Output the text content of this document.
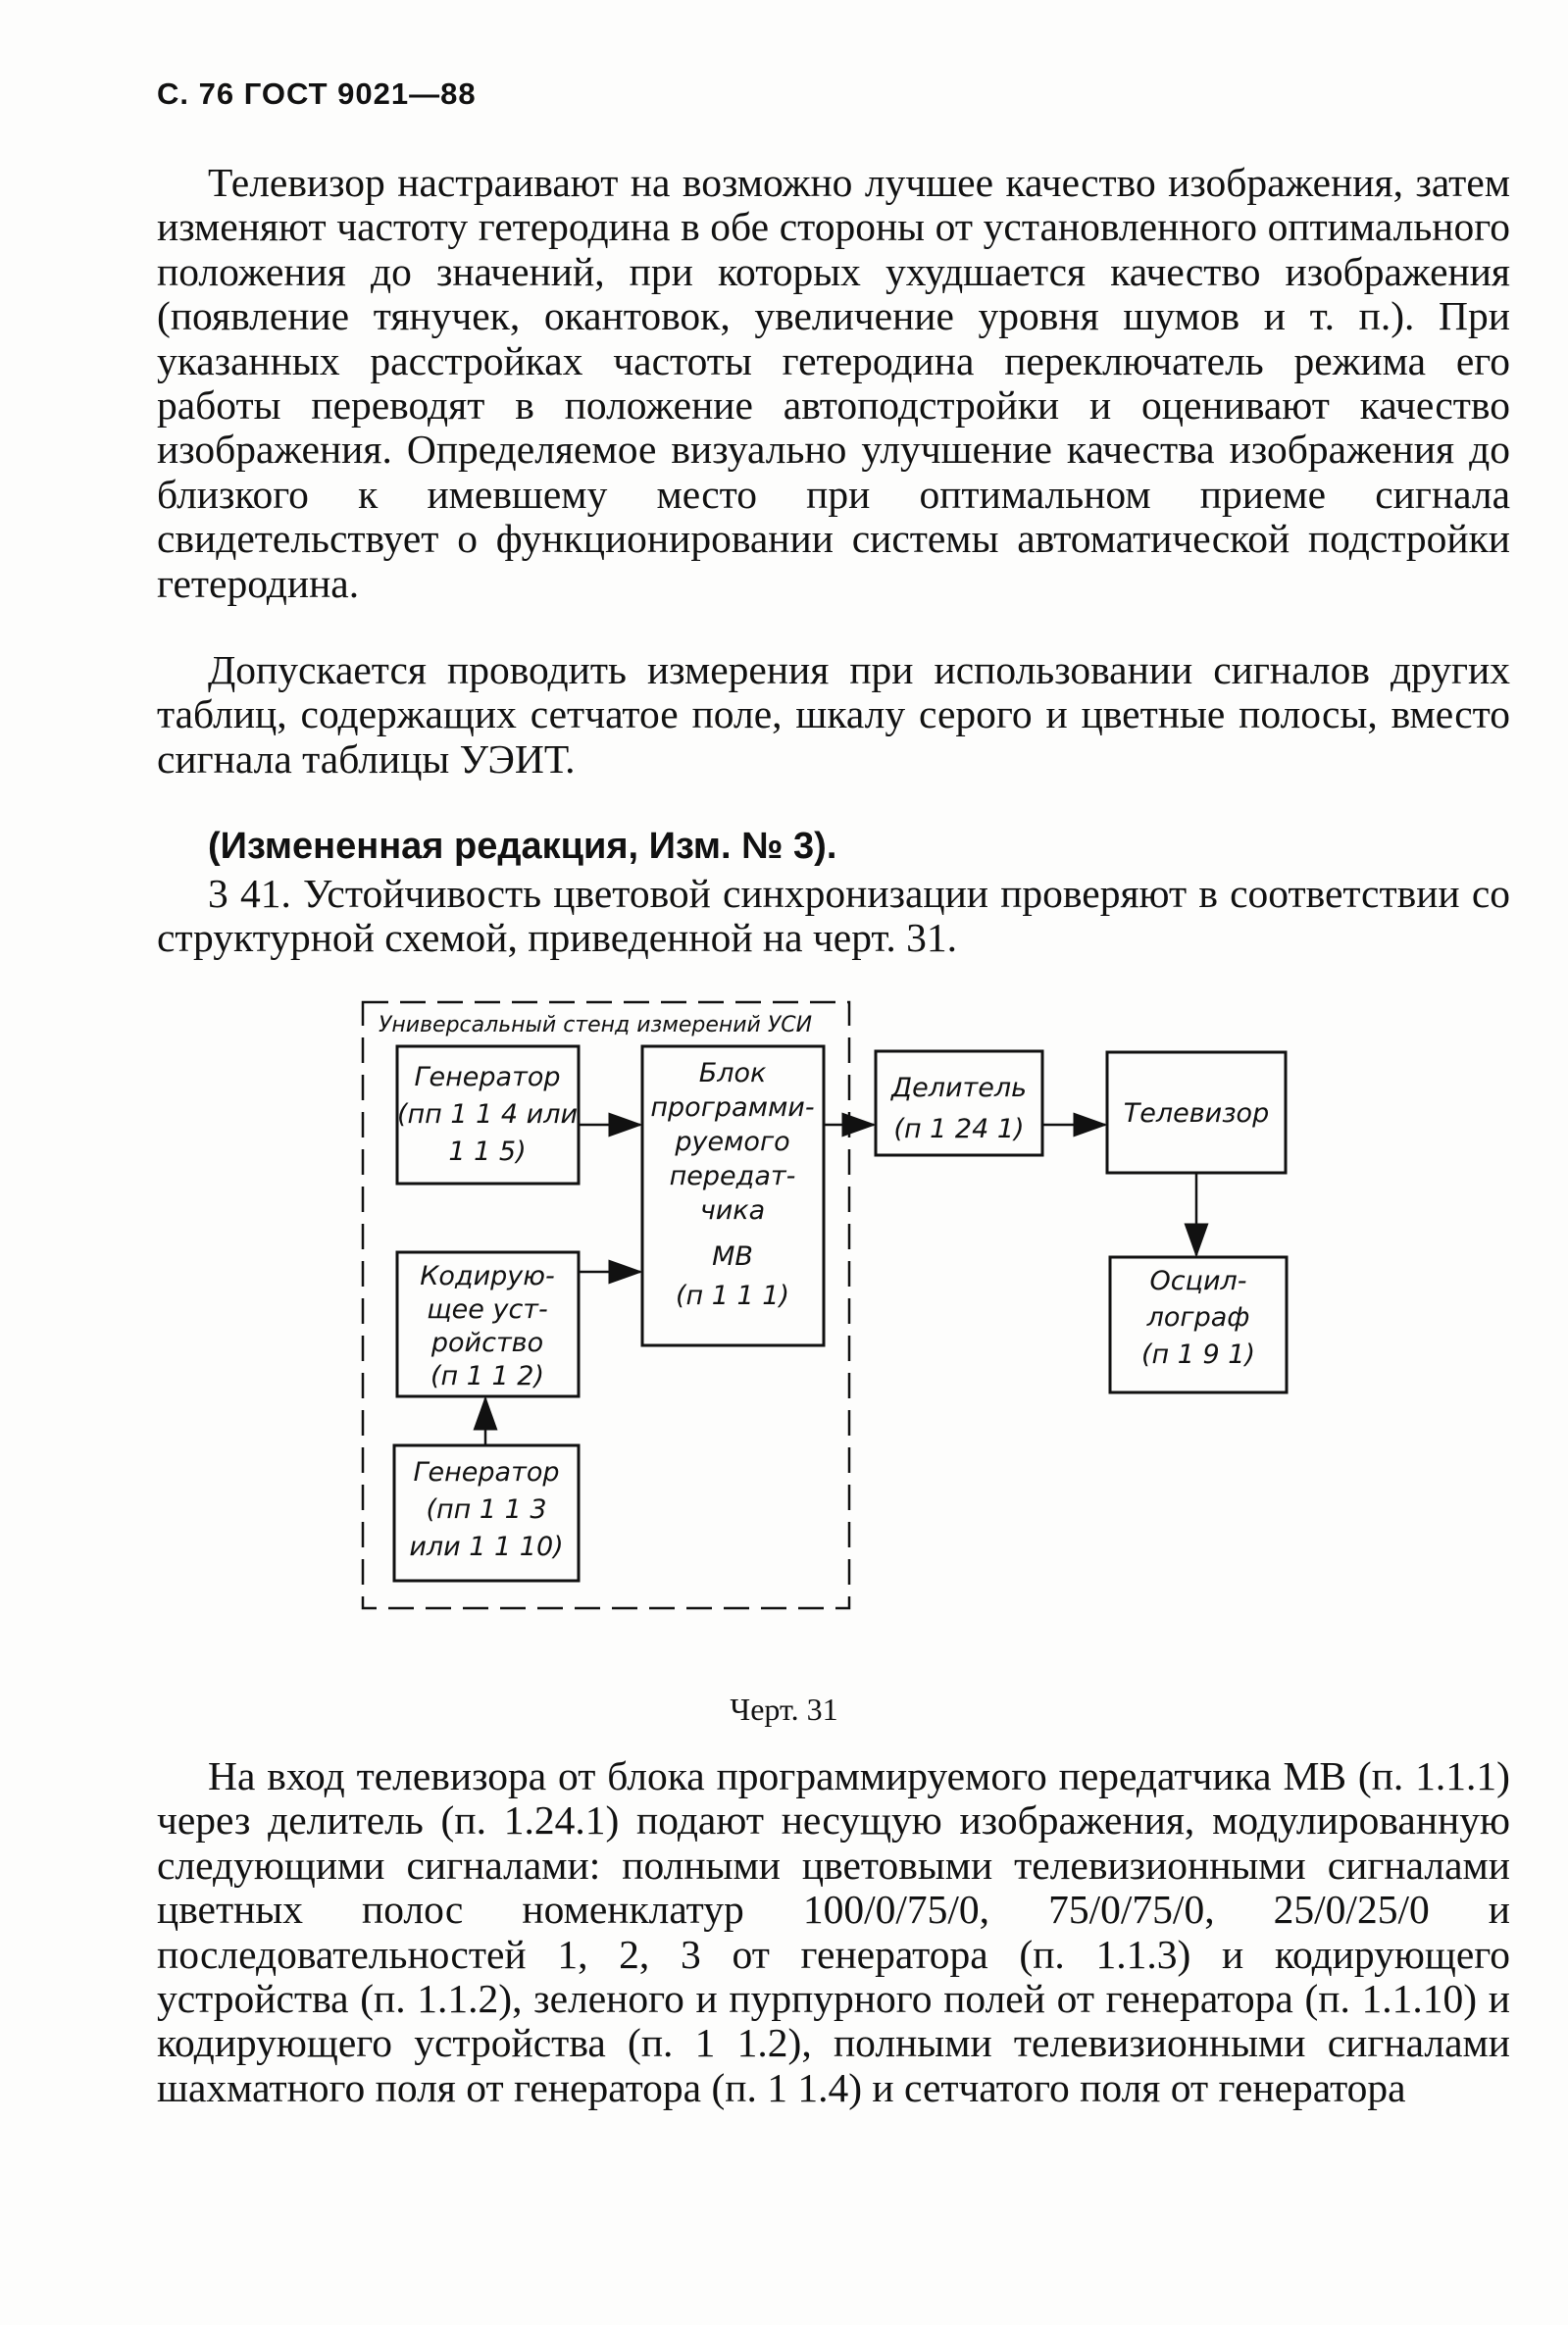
С. 76 ГОСТ 9021—88

Телевизор настраивают на возможно лучшее качество изображения, затем изменяют частоту гетеродина в обе стороны от установленного оптимального положения до значений, при которых ухудшается качество изображения (появление тянучек, окантовок, увеличение уровня шумов и т. п.). При указанных расстройках частоты гетеродина переключатель режима его работы переводят в положение автоподстройки и оценивают качество изображения. Определяемое визуально улучшение качества изображения до близкого к имевшему место при оптимальном приеме сигнала свидетельствует о функционировании системы автоматической подстройки гетеродина.

Допускается проводить измерения при использовании сигналов других таблиц, содержащих сетчатое поле, шкалу серого и цветные полосы, вместо сигнала таблицы УЭИТ.

(Измененная редакция, Изм. № 3).

3 41. Устойчивость цветовой синхронизации проверяют в соответствии со структурной схемой, приведенной на черт. 31.

Универсальный стенд измерений УСИ
Генератор
(пп 1 1 4 или
1 1 5)
Блок
программи-
руемого
передат-
чика
МВ
(п 1 1 1)
Кодирую-
щее уст-
ройство
(п 1 1 2)
Генератор
(пп 1 1 3
или 1 1 10)
Делитель
(п 1 24 1)
Телевизор
Осцил-
лограф
(п 1 9 1)
Черт. 31

На вход телевизора от блока программируемого передатчика МВ (п. 1.1.1) через делитель (п. 1.24.1) подают несущую изображения, модулированную следующими сигналами: полными цветовыми телевизионными сигналами цветных полос номенклатур 100/0/75/0, 75/0/75/0, 25/0/25/0 и последовательностей 1, 2, 3 от генератора (п. 1.1.3) и кодирующего устройства (п. 1.1.2), зеленого и пурпурного полей от генератора (п. 1.1.10) и кодирующего устройства (п. 1 1.2), полными телевизионными сигналами шахматного поля от генератора (п. 1 1.4) и сетчатого поля от генератора
